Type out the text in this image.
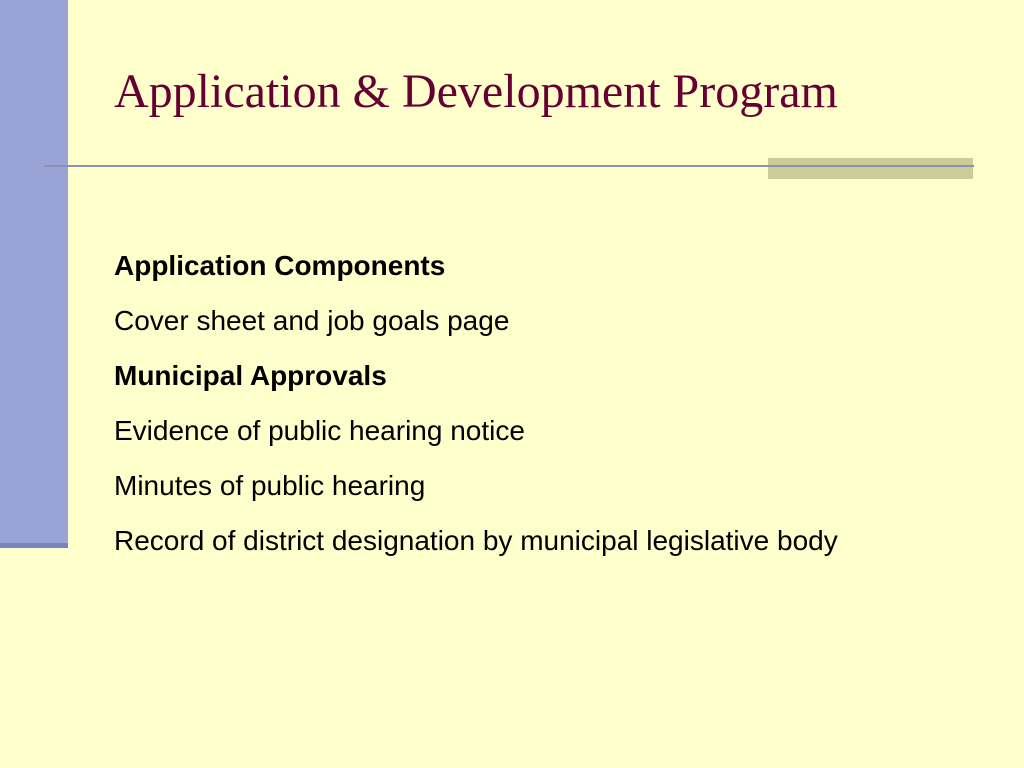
Application & Development Program
Application Components
Cover sheet and job goals page
Municipal Approvals
Evidence of public hearing notice
Minutes of public hearing
Record of district designation by municipal legislative body
